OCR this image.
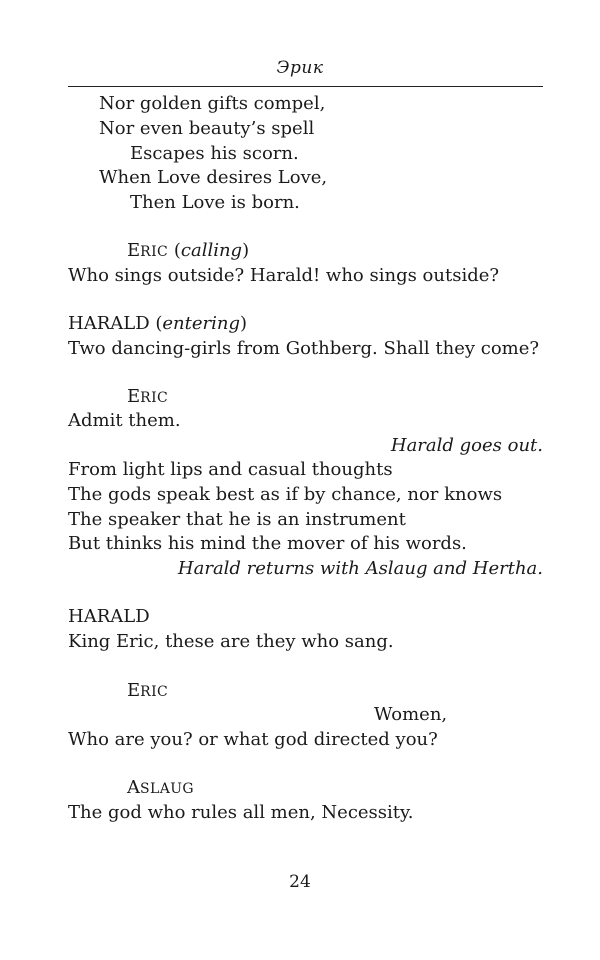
Эрик
Nor golden gifts compel,
Nor even beauty’s spell
Escapes his scorn.
When Love desires Love,
Then Love is born.
ERIC (calling)
Who sings outside? Harald! who sings outside?
HARALD (entering)
Two dancing-girls from Gothberg. Shall they come?
ERIC
Admit them.
Harald goes out.
From light lips and casual thoughts
The gods speak best as if by chance, nor knows
The speaker that he is an instrument
But thinks his mind the mover of his words.
Harald returns with Aslaug and Hertha.
HARALD
King Eric, these are they who sang.
ERIC
Women,
Who are you? or what god directed you?
ASLAUG
The god who rules all men, Necessity.
24
